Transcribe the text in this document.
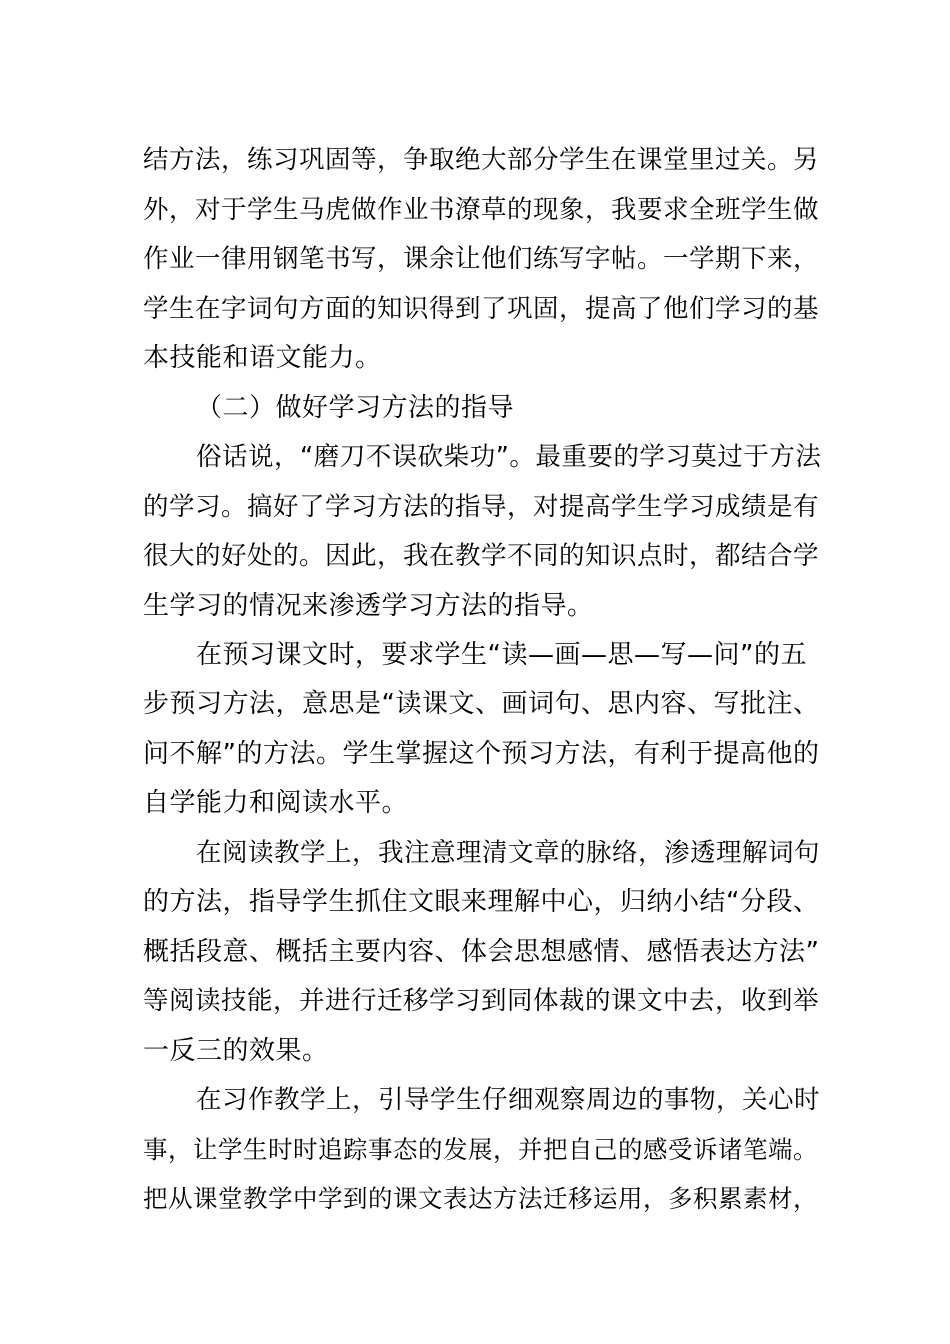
结方法，练习巩固等，争取绝大部分学生在课堂里过关。另
外，对于学生马虎做作业书潦草的现象，我要求全班学生做
作业一律用钢笔书写，课余让他们练写字帖。一学期下来，
学生在字词句方面的知识得到了巩固，提高了他们学习的基
本技能和语文能力。
（二）做好学习方法的指导
俗话说，“磨刀不误砍柴功”。最重要的学习莫过于方法
的学习。搞好了学习方法的指导，对提高学生学习成绩是有
很大的好处的。因此，我在教学不同的知识点时，都结合学
生学习的情况来渗透学习方法的指导。
在预习课文时，要求学生“读—画—思—写—问”的五
步预习方法，意思是“读课文、画词句、思内容、写批注、
问不解”的方法。学生掌握这个预习方法，有利于提高他的
自学能力和阅读水平。
在阅读教学上，我注意理清文章的脉络，渗透理解词句
的方法，指导学生抓住文眼来理解中心，归纳小结“分段、
概括段意、概括主要内容、体会思想感情、感悟表达方法”
等阅读技能，并进行迁移学习到同体裁的课文中去，收到举
一反三的效果。
在习作教学上，引导学生仔细观察周边的事物，关心时
事，让学生时时追踪事态的发展，并把自己的感受诉诸笔端。
把从课堂教学中学到的课文表达方法迁移运用，多积累素材，
